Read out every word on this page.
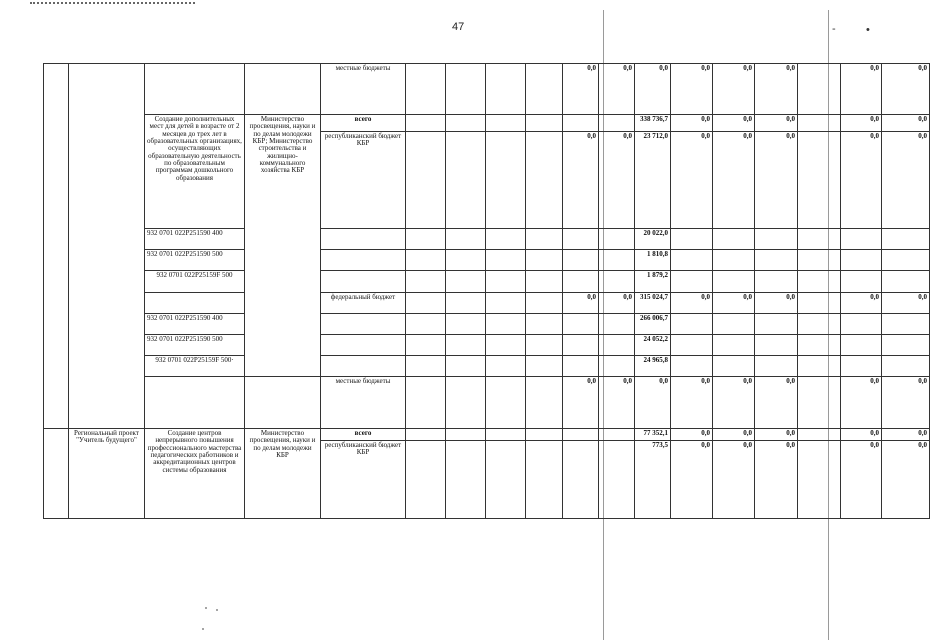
47	-	•
				местные бюджеты					0,0	0,0	0,0	0,0	0,0	0,0		0,0	0,0
		Создание дополнительных мест для детей в возрасте от 2 месяцев до трех лет в образовательных организациях, осуществляющих образовательную деятельность по образовательным программам дошкольного образования	Министерство просвещения, науки и по делам молодежи КБР; Министерство строительства и жилищно-коммунального хозяйства КБР	всего							338 736,7	0,0	0,0	0,0		0,0	0,0
				республиканский бюджет КБР					0,0	0,0	23 712,0	0,0	0,0	0,0		0,0	0,0
		932 0701 022P251590 400									20 022,0						
		932 0701 022P251590 500									1 810,8						
		932 0701 022P25159F 500									1 879,2						
				федеральный бюджет					0,0	0,0	315 024,7	0,0	0,0	0,0		0,0	0,0
		932 0701 022P251590 400									266 006,7						
		932 0701 022P251590 500									24 052,2						
		932 0701 022P25159F 500·									24 965,8						
				местные бюджеты					0,0	0,0	0,0	0,0	0,0	0,0		0,0	0,0
	Региональный проект "Учитель будущего"	Создание центров непрерывного повышения профессионального мастерства педагогических работников и аккредитационных центров системы образования	Министерство просвещения, науки и по делам молодежи КБР	всего							77 352,1	0,0	0,0	0,0		0,0	0,0
				республиканский бюджет КБР							773,5	0,0	0,0	0,0		0,0	0,0
